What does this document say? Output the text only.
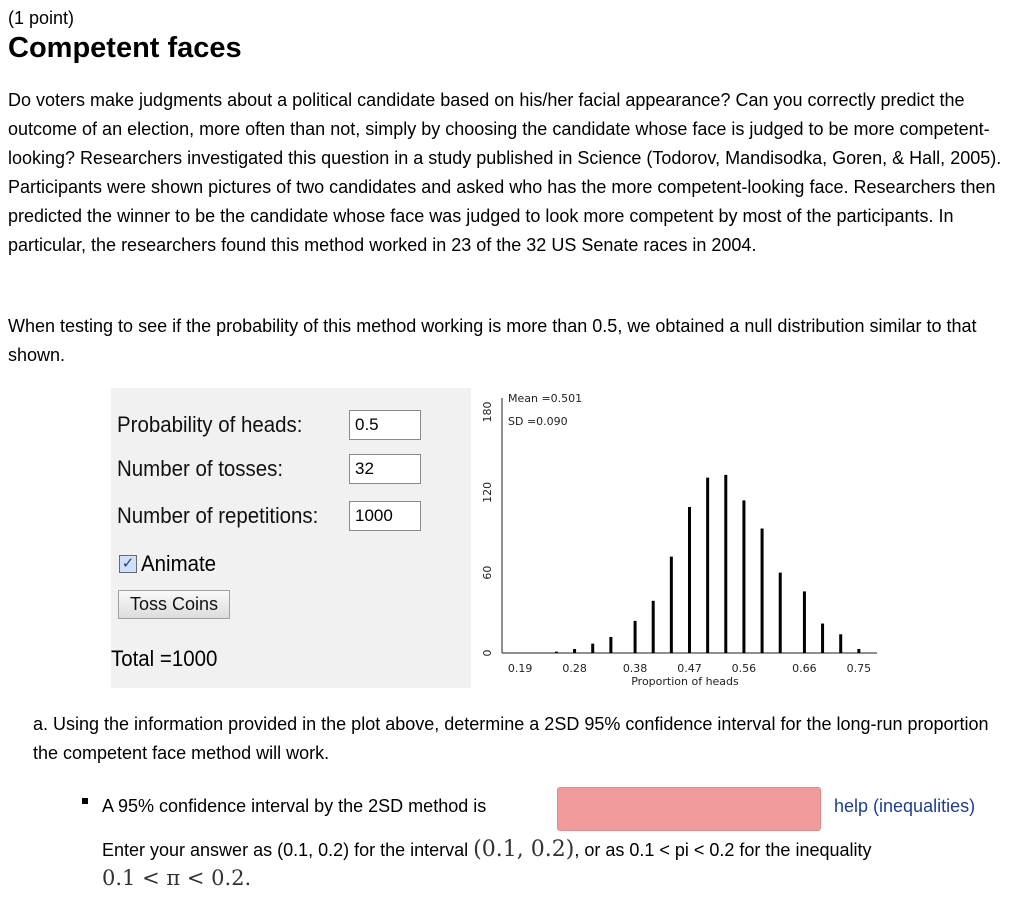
(1 point)
Competent faces

Do voters make judgments about a political candidate based on his/her facial appearance? Can you correctly predict the outcome of an election, more often than not, simply by choosing the candidate whose face is judged to be more competent-looking? Researchers investigated this question in a study published in Science (Todorov, Mandisodka, Goren, & Hall, 2005). Participants were shown pictures of two candidates and asked who has the more competent-looking face. Researchers then predicted the winner to be the candidate whose face was judged to look more competent by most of the participants. In particular, the researchers found this method worked in 23 of the 32 US Senate races in 2004.

When testing to see if the probability of this method working is more than 0.5, we obtained a null distribution similar to that shown.

Probability of heads:
0.5
Number of tosses:
32
Number of repetitions:
1000
✓ Animate
Toss Coins
Total =1000
Mean =0.501
SD =0.090
Proportion of heads
0.19	0.28	0.38	0.47	0.56	0.66	0.75
0
60
120
180

a. Using the information provided in the plot above, determine a 2SD 95% confidence interval for the long-run proportion the competent face method will work.

A 95% confidence interval by the 2SD method is	help (inequalities)

Enter your answer as (0.1, 0.2) for the interval (0.1, 0.2), or as 0.1 < pi < 0.2 for the inequality
0.1 < π < 0.2.
